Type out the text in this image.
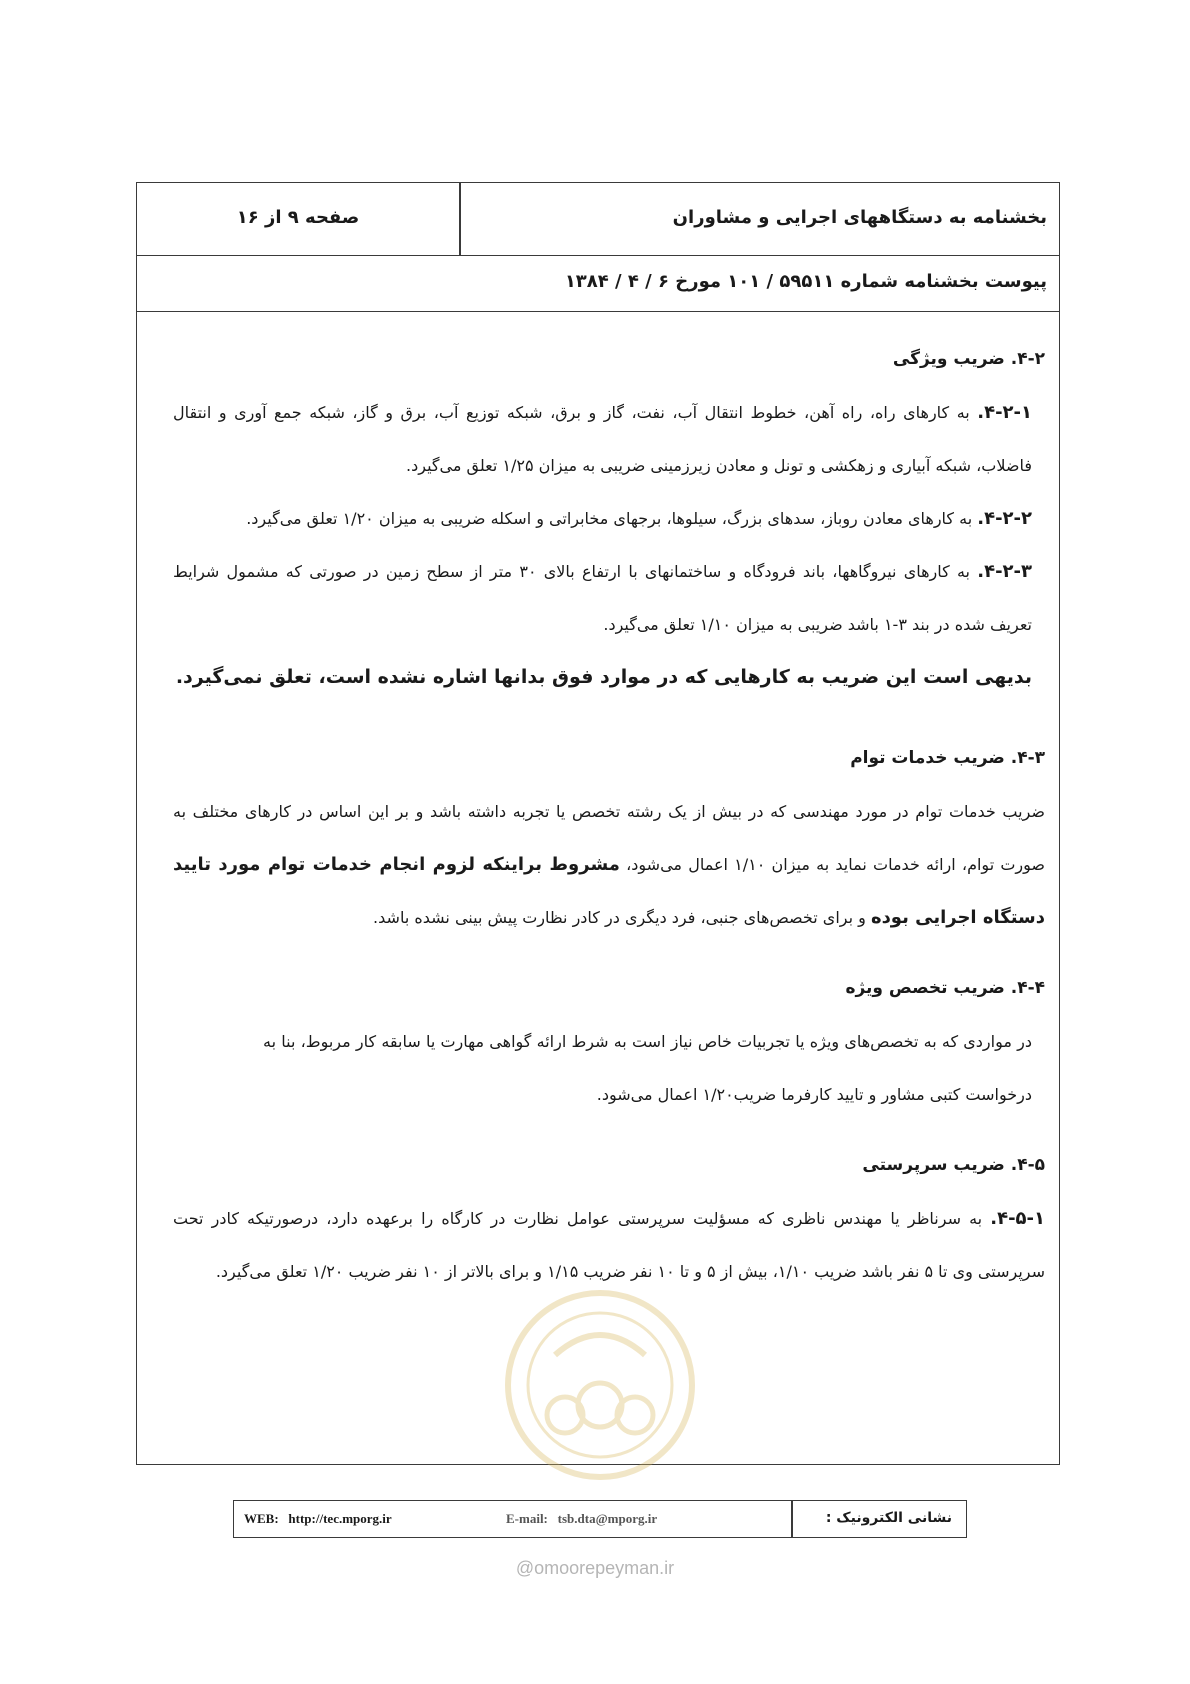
بخشنامه به دستگاههای اجرایی و مشاوران
صفحه ۹ از ۱۶
پیوست بخشنامه شماره ۵۹۵۱۱ / ۱۰۱ مورخ ۶ / ۴ / ۱۳۸۴

۴-۲. ضریب ویژگی

۴-۲-۱. به کارهای راه، راه آهن، خطوط انتقال آب، نفت، گاز و برق، شبکه توزیع آب، برق و گاز، شبکه جمع آوری و انتقال فاضلاب، شبکه آبیاری و زهکشی و تونل و معادن زیرزمینی ضریبی به میزان ۱/۲۵ تعلق می‌گیرد.

۴-۲-۲. به کارهای معادن روباز، سدهای بزرگ، سیلوها، برجهای مخابراتی و اسکله ضریبی به میزان ۱/۲۰ تعلق می‌گیرد.

۴-۲-۳. به کارهای نیروگاهها، باند فرودگاه و ساختمانهای با ارتفاع بالای ۳۰ متر از سطح زمین در صورتی که مشمول شرایط تعریف شده در بند ۳-۱ باشد ضریبی به میزان ۱/۱۰ تعلق می‌گیرد.

بدیهی است این ضریب به کارهایی که در موارد فوق بدانها اشاره نشده است، تعلق نمی‌گیرد.

۴-۳. ضریب خدمات توام

ضریب خدمات توام در مورد مهندسی که در بیش از یک رشته تخصص یا تجربه داشته باشد و بر این اساس در کارهای مختلف به صورت توام، ارائه خدمات نماید به میزان ۱/۱۰ اعمال می‌شود، مشروط براینکه لزوم انجام خدمات توام مورد تایید دستگاه اجرایی بوده و برای تخصص‌های جنبی، فرد دیگری در کادر نظارت پیش بینی نشده باشد.

۴-۴. ضریب تخصص ویژه

در مواردی که به تخصص‌های ویژه یا تجربیات خاص نیاز است به شرط ارائه گواهی مهارت یا سابقه کار مربوط، بنا به درخواست کتبی مشاور و تایید کارفرما ضریب۱/۲۰ اعمال می‌شود.

۴-۵. ضریب سرپرستی

۴-۵-۱. به سرناظر یا مهندس ناظری که مسؤلیت سرپرستی عوامل نظارت در کارگاه را برعهده دارد، درصورتیکه کادر تحت سرپرستی وی تا ۵ نفر باشد ضریب ۱/۱۰، بیش از ۵ و تا ۱۰ نفر ضریب ۱/۱۵ و برای بالاتر از ۱۰ نفر ضریب ۱/۲۰ تعلق می‌گیرد.

نشانی الکترونیک :
WEB: http://tec.mporg.ir	E-mail: tsb.dta@mporg.ir
@omoorepeyman.ir
